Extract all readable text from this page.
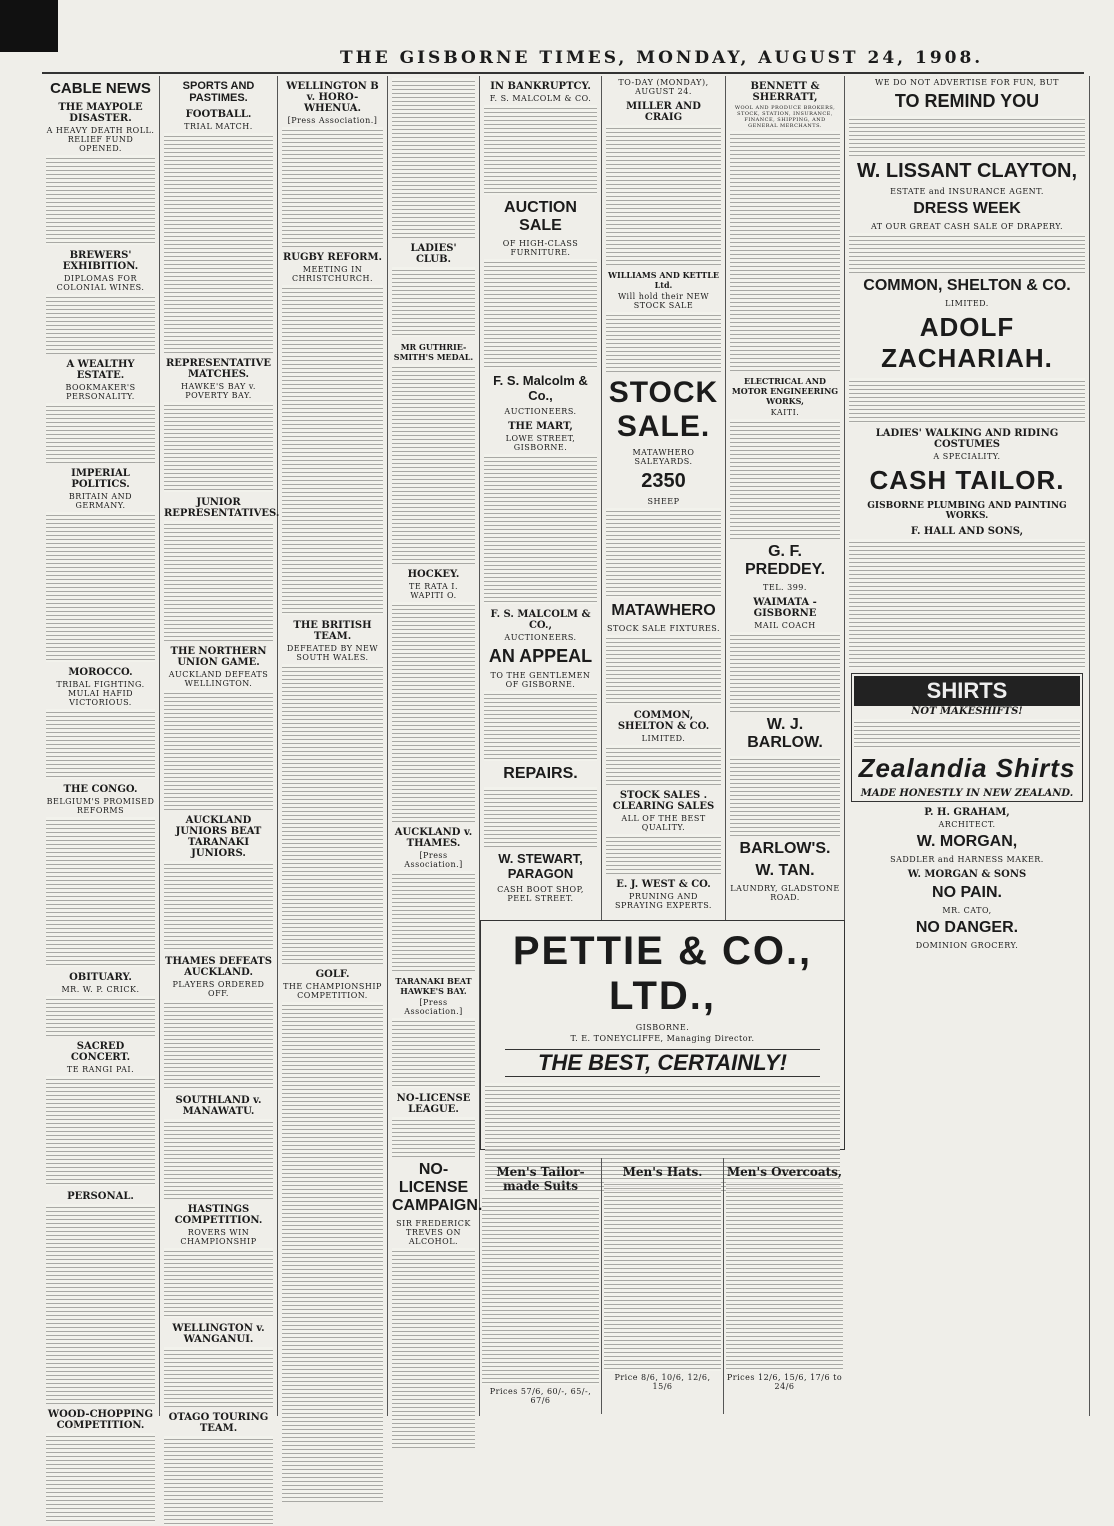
THE GISBORNE TIMES, MONDAY, AUGUST 24, 1908.
CABLE NEWS
THE MAYPOLE DISASTER.
A HEAVY DEATH ROLL. RELIEF FUND OPENED.
BREWERS' EXHIBITION.
DIPLOMAS FOR COLONIAL WINES.
A WEALTHY ESTATE.
BOOKMAKER'S PERSONALITY.
IMPERIAL POLITICS.
BRITAIN AND GERMANY.
MOROCCO.
TRIBAL FIGHTING. MULAI HAFID VICTORIOUS.
THE CONGO.
BELGIUM'S PROMISED REFORMS
OBITUARY.
MR. W. P. CRICK.
SACRED CONCERT.
TE RANGI PAI.
PERSONAL.
WOOD-CHOPPING COMPETITION.
SPORTS AND PASTIMES.
FOOTBALL.
TRIAL MATCH.
REPRESENTATIVE MATCHES.
HAWKE'S BAY v. POVERTY BAY.
JUNIOR REPRESENTATIVES.
THE NORTHERN UNION GAME.
AUCKLAND DEFEATS WELLINGTON.
AUCKLAND JUNIORS BEAT TARANAKI JUNIORS.
THAMES DEFEATS AUCKLAND.
PLAYERS ORDERED OFF.
SOUTHLAND v. MANAWATU.
HASTINGS COMPETITION.
ROVERS WIN CHAMPIONSHIP
WELLINGTON v. WANGANUI.
OTAGO TOURING TEAM.
WELLINGTON B v. HORO-WHENUA.
[Press Association.]
RUGBY REFORM.
MEETING IN CHRISTCHURCH.
THE BRITISH TEAM.
DEFEATED BY NEW SOUTH WALES.
GOLF.
THE CHAMPIONSHIP COMPETITION.
LADIES' CLUB.
MR GUTHRIE-SMITH'S MEDAL.
HOCKEY.
TE RATA I. WAPITI O.
AUCKLAND v. THAMES.
[Press Association.]
TARANAKI BEAT HAWKE'S BAY.
[Press Association.]
NO-LICENSE LEAGUE.
NO-LICENSE CAMPAIGN.
SIR FREDERICK TREVES ON ALCOHOL.
IN BANKRUPTCY.
F. S. MALCOLM & CO.
AUCTION SALE
OF HIGH-CLASS FURNITURE.
F. S. Malcolm & Co.,
AUCTIONEERS.
THE MART,
LOWE STREET, GISBORNE.
F. S. MALCOLM & CO.,
AUCTIONEERS.
AN APPEAL
TO THE GENTLEMEN OF GISBORNE.
REPAIRS.
W. STEWART, PARAGON
CASH BOOT SHOP, PEEL STREET.
TO-DAY (MONDAY), AUGUST 24.
MILLER AND CRAIG
WILLIAMS AND KETTLE Ltd.
Will hold their NEW STOCK SALE
STOCK SALE.
MATAWHERO SALEYARDS.
2350
SHEEP
MATAWHERO
STOCK SALE FIXTURES.
COMMON, SHELTON & CO.
LIMITED.
STOCK SALES . CLEARING SALES
ALL OF THE BEST QUALITY.
E. J. WEST & CO.
PRUNING AND SPRAYING EXPERTS.
BENNETT & SHERRATT,
WOOL AND PRODUCE BROKERS, STOCK, STATION, INSURANCE, FINANCE, SHIPPING, AND GENERAL MERCHANTS.
ELECTRICAL AND MOTOR ENGINEERING WORKS,
KAITI.
G. F. PREDDEY.
TEL. 399.
WAIMATA - GISBORNE
MAIL COACH
W. J. BARLOW.
BARLOW'S.
W. TAN.
LAUNDRY, GLADSTONE ROAD.
WE DO NOT ADVERTISE FOR FUN, BUT
TO REMIND YOU
W. LISSANT CLAYTON,
ESTATE and INSURANCE AGENT.
DRESS WEEK
AT OUR GREAT CASH SALE OF DRAPERY.
COMMON, SHELTON & CO.
LIMITED.
ADOLF ZACHARIAH.
LADIES' WALKING AND RIDING COSTUMES
A SPECIALITY.
CASH TAILOR.
GISBORNE PLUMBING AND PAINTING WORKS.
F. HALL AND SONS,
SHIRTS
NOT MAKESHIFTS!
Zealandia Shirts
MADE HONESTLY IN NEW ZEALAND.
P. H. GRAHAM,
ARCHITECT.
W. MORGAN,
SADDLER and HARNESS MAKER.
W. MORGAN & SONS
NO PAIN.
MR. CATO,
NO DANGER.
DOMINION GROCERY.
PETTIE & CO., LTD.,
GISBORNE.
T. E. TONEYCLIFFE, Managing Director.
THE BEST, CERTAINLY!
Men's Tailor-made Suits
Prices 57/6, 60/-, 65/-, 67/6
Men's Hats.
Price 8/6, 10/6, 12/6, 15/6
Men's Overcoats,
Prices 12/6, 15/6, 17/6 to 24/6
